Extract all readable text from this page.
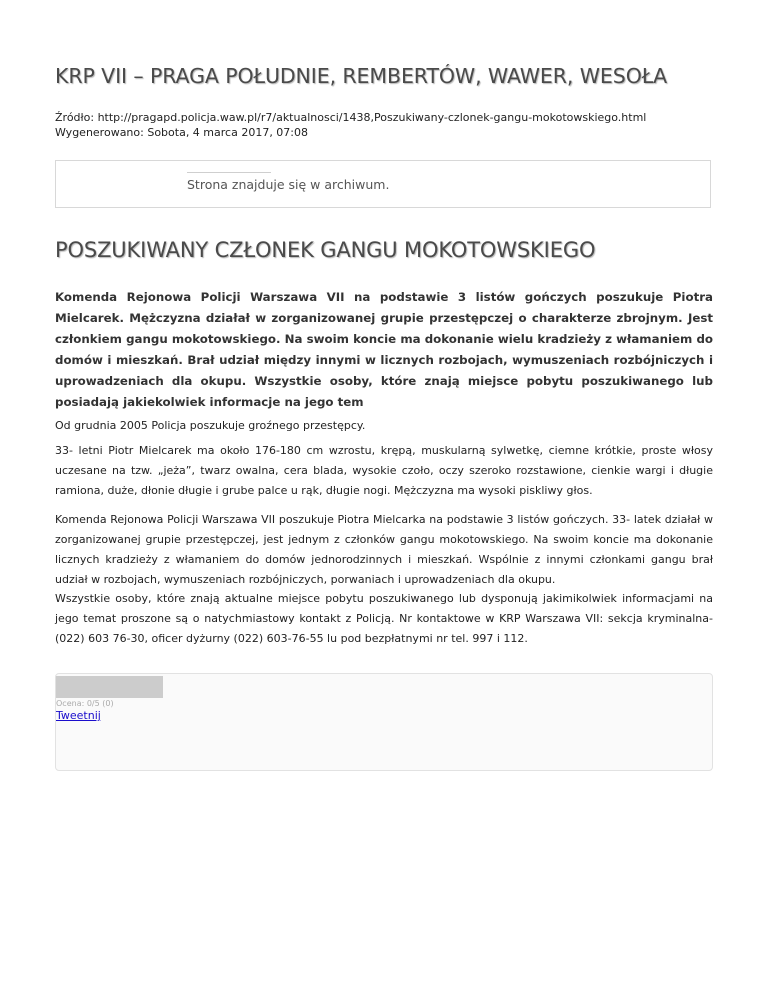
KRP VII – PRAGA POŁUDNIE, REMBERTÓW, WAWER, WESOŁA
Źródło: http://pragapd.policja.waw.pl/r7/aktualnosci/1438,Poszukiwany-czlonek-gangu-mokotowskiego.html
Wygenerowano: Sobota, 4 marca 2017, 07:08
Strona znajduje się w archiwum.
POSZUKIWANY CZŁONEK GANGU MOKOTOWSKIEGO

Komenda Rejonowa Policji Warszawa VII na podstawie 3 listów gończych poszukuje Piotra Mielcarek. Mężczyzna działał w zorganizowanej grupie przestępczej o charakterze zbrojnym. Jest członkiem gangu mokotowskiego. Na swoim koncie ma dokonanie wielu kradzieży z włamaniem do domów i mieszkań. Brał udział między innymi w licznych rozbojach, wymuszeniach rozbójniczych i uprowadzeniach dla okupu. Wszystkie osoby, które znają miejsce pobytu poszukiwanego lub posiadają jakiekolwiek informacje na jego tem

Od grudnia 2005 Policja poszukuje groźnego przestępcy.

33- letni Piotr Mielcarek ma około 176-180 cm wzrostu, krępą, muskularną sylwetkę, ciemne krótkie, proste włosy uczesane na tzw. „jeża”, twarz owalna, cera blada, wysokie czoło, oczy szeroko rozstawione, cienkie wargi i długie ramiona, duże, dłonie długie i grube palce u rąk, długie nogi. Mężczyzna ma wysoki piskliwy głos.

Komenda Rejonowa Policji Warszawa VII poszukuje Piotra Mielcarka na podstawie 3 listów gończych. 33- latek działał w zorganizowanej grupie przestępczej, jest jednym z członków gangu mokotowskiego. Na swoim koncie ma dokonanie licznych kradzieży z włamaniem do domów jednorodzinnych i mieszkań. Wspólnie z innymi członkami gangu brał udział w rozbojach, wymuszeniach rozbójniczych, porwaniach i uprowadzeniach dla okupu.

Wszystkie osoby, które znają aktualne miejsce pobytu poszukiwanego lub dysponują jakimikolwiek informacjami na jego temat proszone są o natychmiastowy kontakt z Policją. Nr kontaktowe w KRP Warszawa VII: sekcja kryminalna- (022) 603 76-30, oficer dyżurny (022) 603-76-55 lu pod bezpłatnymi nr tel. 997 i 112.

Ocena: 0/5 (0)
Tweetnij
